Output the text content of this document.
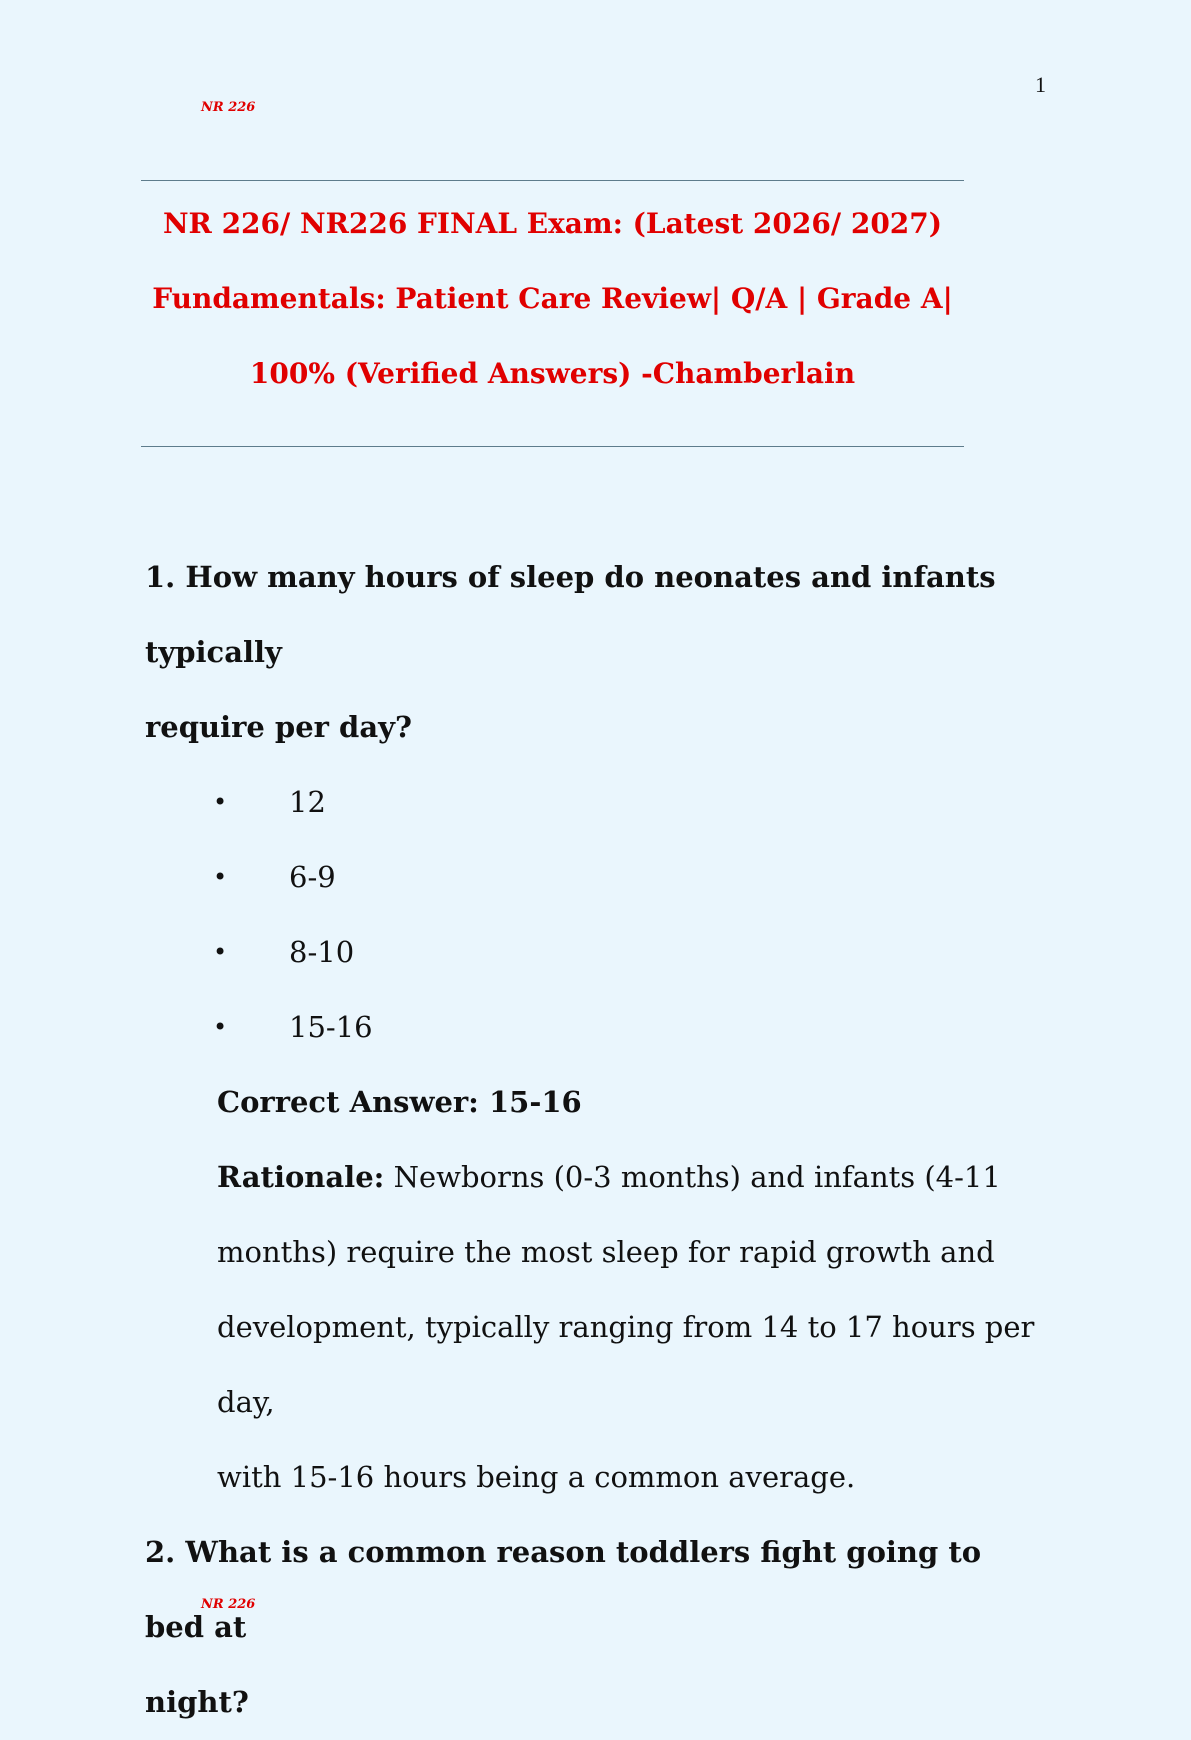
1
NR 226
NR 226/ NR226 FINAL Exam: (Latest 2026/ 2027)
Fundamentals: Patient Care Review| Q/A | Grade A|
100% (Verified Answers) -Chamberlain

1. How many hours of sleep do neonates and infants typically
require per day?

• 12
• 6-9
• 8-10
• 15-16

Correct Answer: 15-16

Rationale: Newborns (0-3 months) and infants (4-11
months) require the most sleep for rapid growth and
development, typically ranging from 14 to 17 hours per day,
with 15-16 hours being a common average.

2. What is a common reason toddlers fight going to bed at
night?

NR 226
